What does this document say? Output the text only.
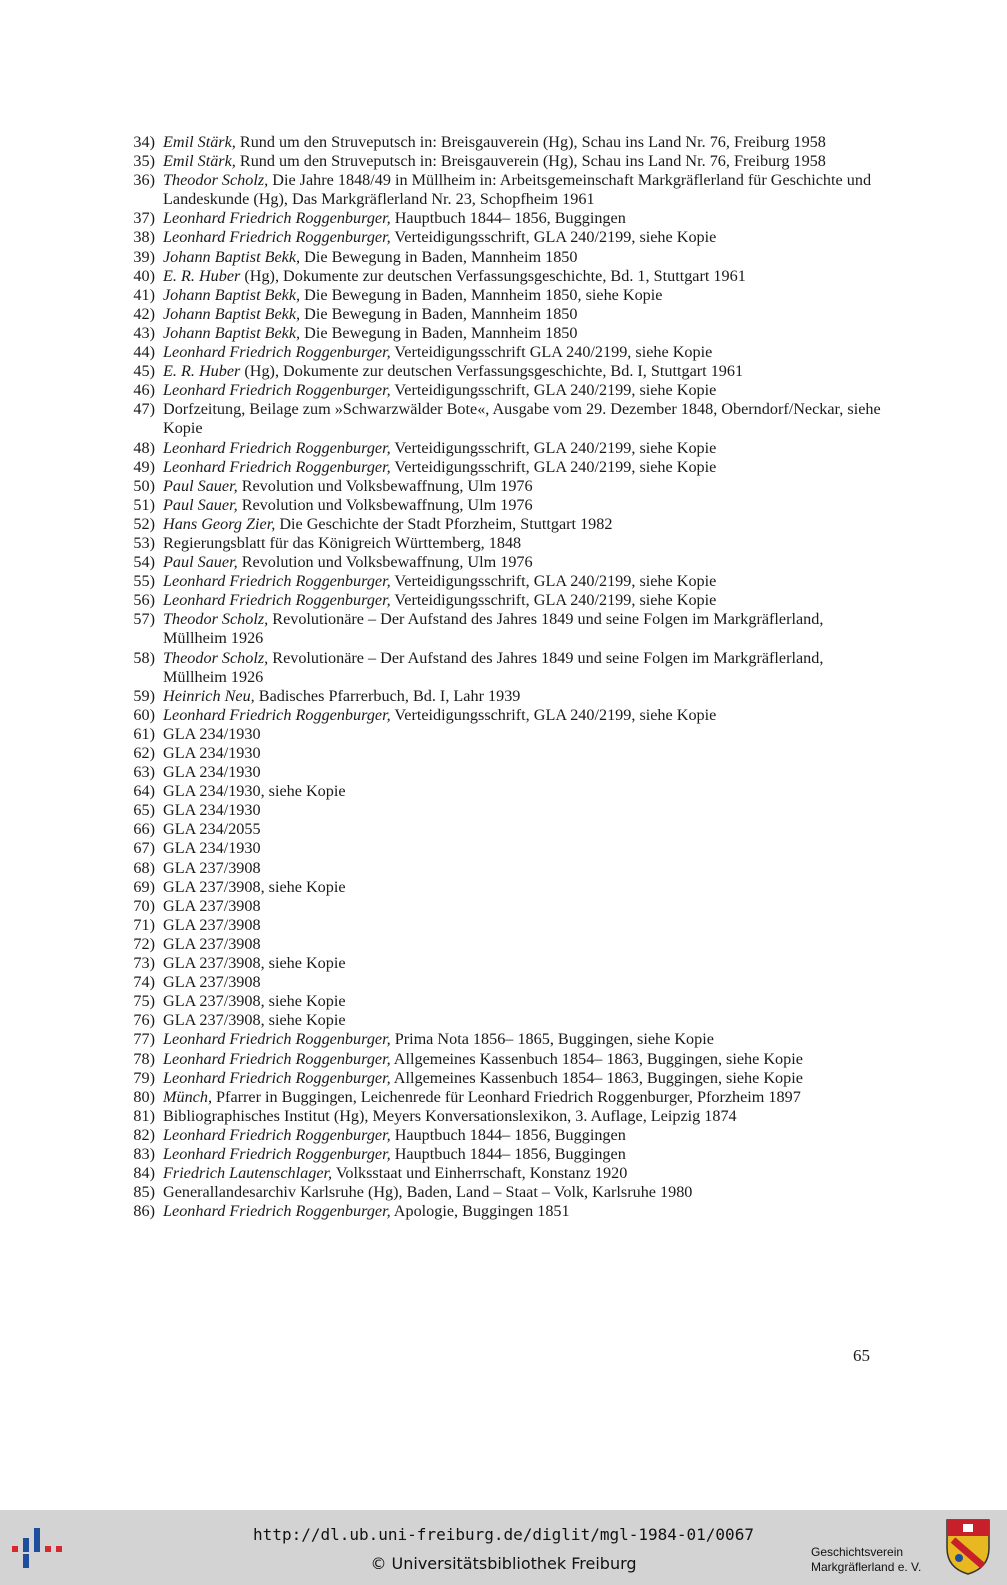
34) Emil Stärk, Rund um den Struveputsch in: Breisgauverein (Hg), Schau ins Land Nr. 76, Freiburg 1958
35) Emil Stärk, Rund um den Struveputsch in: Breisgauverein (Hg), Schau ins Land Nr. 76, Freiburg 1958
36) Theodor Scholz, Die Jahre 1848/49 in Müllheim in: Arbeitsgemeinschaft Markgräflerland für Geschichte und Landeskunde (Hg), Das Markgräflerland Nr. 23, Schopfheim 1961
37) Leonhard Friedrich Roggenburger, Hauptbuch 1844– 1856, Buggingen
38) Leonhard Friedrich Roggenburger, Verteidigungsschrift, GLA 240/2199, siehe Kopie
39) Johann Baptist Bekk, Die Bewegung in Baden, Mannheim 1850
40) E. R. Huber (Hg), Dokumente zur deutschen Verfassungsgeschichte, Bd. 1, Stuttgart 1961
41) Johann Baptist Bekk, Die Bewegung in Baden, Mannheim 1850, siehe Kopie
42) Johann Baptist Bekk, Die Bewegung in Baden, Mannheim 1850
43) Johann Baptist Bekk, Die Bewegung in Baden, Mannheim 1850
44) Leonhard Friedrich Roggenburger, Verteidigungsschrift GLA 240/2199, siehe Kopie
45) E. R. Huber (Hg), Dokumente zur deutschen Verfassungsgeschichte, Bd. I, Stuttgart 1961
46) Leonhard Friedrich Roggenburger, Verteidigungsschrift, GLA 240/2199, siehe Kopie
47) Dorfzeitung, Beilage zum »Schwarzwälder Bote«, Ausgabe vom 29. Dezember 1848, Oberndorf/Neckar, siehe Kopie
48) Leonhard Friedrich Roggenburger, Verteidigungsschrift, GLA 240/2199, siehe Kopie
49) Leonhard Friedrich Roggenburger, Verteidigungsschrift, GLA 240/2199, siehe Kopie
50) Paul Sauer, Revolution und Volksbewaffnung, Ulm 1976
51) Paul Sauer, Revolution und Volksbewaffnung, Ulm 1976
52) Hans Georg Zier, Die Geschichte der Stadt Pforzheim, Stuttgart 1982
53) Regierungsblatt für das Königreich Württemberg, 1848
54) Paul Sauer, Revolution und Volksbewaffnung, Ulm 1976
55) Leonhard Friedrich Roggenburger, Verteidigungsschrift, GLA 240/2199, siehe Kopie
56) Leonhard Friedrich Roggenburger, Verteidigungsschrift, GLA 240/2199, siehe Kopie
57) Theodor Scholz, Revolutionäre – Der Aufstand des Jahres 1849 und seine Folgen im Markgräflerland, Müllheim 1926
58) Theodor Scholz, Revolutionäre – Der Aufstand des Jahres 1849 und seine Folgen im Markgräflerland, Müllheim 1926
59) Heinrich Neu, Badisches Pfarrerbuch, Bd. I, Lahr 1939
60) Leonhard Friedrich Roggenburger, Verteidigungsschrift, GLA 240/2199, siehe Kopie
61) GLA 234/1930
62) GLA 234/1930
63) GLA 234/1930
64) GLA 234/1930, siehe Kopie
65) GLA 234/1930
66) GLA 234/2055
67) GLA 234/1930
68) GLA 237/3908
69) GLA 237/3908, siehe Kopie
70) GLA 237/3908
71) GLA 237/3908
72) GLA 237/3908
73) GLA 237/3908, siehe Kopie
74) GLA 237/3908
75) GLA 237/3908, siehe Kopie
76) GLA 237/3908, siehe Kopie
77) Leonhard Friedrich Roggenburger, Prima Nota 1856– 1865, Buggingen, siehe Kopie
78) Leonhard Friedrich Roggenburger, Allgemeines Kassenbuch 1854– 1863, Buggingen, siehe Kopie
79) Leonhard Friedrich Roggenburger, Allgemeines Kassenbuch 1854– 1863, Buggingen, siehe Kopie
80) Münch, Pfarrer in Buggingen, Leichenrede für Leonhard Friedrich Roggenburger, Pforzheim 1897
81) Bibliographisches Institut (Hg), Meyers Konversationslexikon, 3. Auflage, Leipzig 1874
82) Leonhard Friedrich Roggenburger, Hauptbuch 1844– 1856, Buggingen
83) Leonhard Friedrich Roggenburger, Hauptbuch 1844– 1856, Buggingen
84) Friedrich Lautenschlager, Volksstaat und Einherrschaft, Konstanz 1920
85) Generallandesarchiv Karlsruhe (Hg), Baden, Land – Staat – Volk, Karlsruhe 1980
86) Leonhard Friedrich Roggenburger, Apologie, Buggingen 1851
65
http://dl.ub.uni-freiburg.de/diglit/mgl-1984-01/0067
© Universitätsbibliothek Freiburg
Geschichtsverein
Markgräflerland e. V.
